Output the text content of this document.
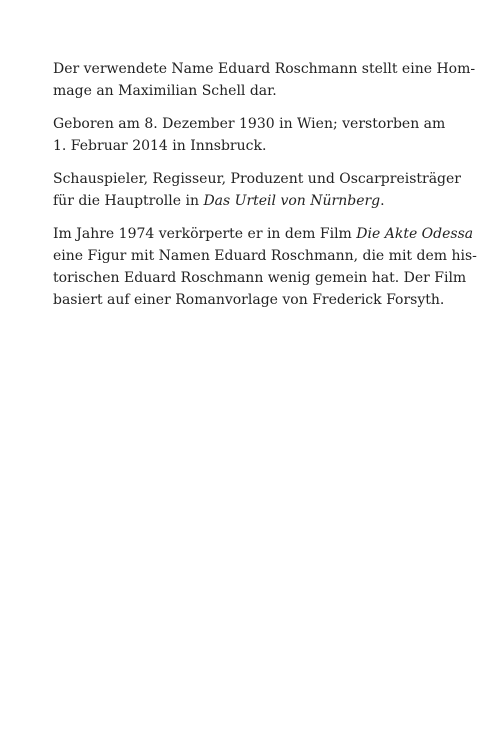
Der verwendete Name Eduard Roschmann stellt eine Hom-
mage an Maximilian Schell dar.

Geboren am 8. Dezember 1930 in Wien; verstorben am
1. Februar 2014 in Innsbruck.

Schauspieler, Regisseur, Produzent und Oscarpreisträger
für die Hauptrolle in Das Urteil von Nürnberg.

Im Jahre 1974 verkörperte er in dem Film Die Akte Odessa
eine Figur mit Namen Eduard Roschmann, die mit dem his-
torischen Eduard Roschmann wenig gemein hat. Der Film
basiert auf einer Romanvorlage von Frederick Forsyth.
